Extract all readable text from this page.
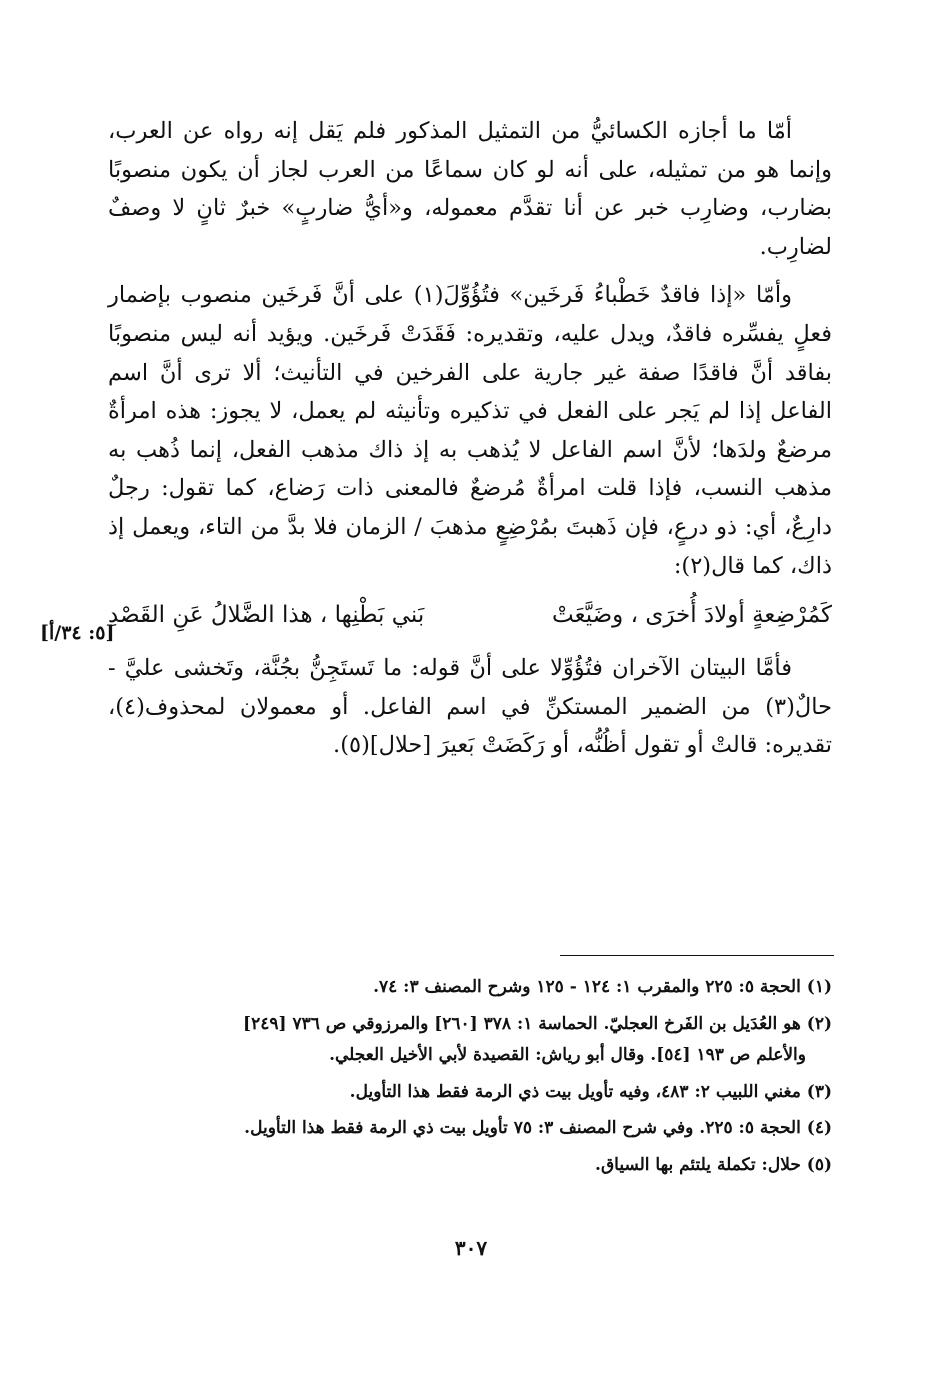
[٥: ٣٤/أ]

أمّا ما أجازه الكسائيُّ من التمثيل المذكور فلم يَقل إنه رواه عن العرب، وإنما هو من تمثيله، على أنه لو كان سماعًا من العرب لجاز أن يكون منصوبًا بضارب، وضارِب خبر عن أنا تقدَّم معموله، و«أيُّ ضاربٍ» خبرٌ ثانٍ لا وصفٌ لضارِب.

وأمّا «إذا فاقدٌ خَطْباءُ فَرخَين» فتُؤُوِّلَ(١) على أنَّ فَرخَين منصوب بإضمار فعلٍ يفسِّره فاقدٌ، ويدل عليه، وتقديره: فَقَدَتْ فَرخَين. ويؤيد أنه ليس منصوبًا بفاقد أنَّ فاقدًا صفة غير جارية على الفرخين في التأنيث؛ ألا ترى أنَّ اسم الفاعل إذا لم يَجر على الفعل في تذكيره وتأنيثه لم يعمل، لا يجوز: هذه امرأةٌ مرضعٌ ولدَها؛ لأنَّ اسم الفاعل لا يُذهب به إذ ذاك مذهب الفعل، إنما ذُهب به مذهب النسب، فإذا قلت امرأةٌ مُرضعٌ فالمعنى ذات رَضاع، كما تقول: رجلٌ دارِعٌ، أي: ذو درعٍ، فإن ذَهبتَ بمُرْضِعٍ مذهبَ / الزمان فلا بدَّ من التاء، ويعمل إذ ذاك، كما قال(٢):

كَمُرْضِعةٍ أولادَ أُخرَى ، وضَيَّعَتْ
بَني بَطْنِها ، هذا الضَّلالُ عَنِ القَصْدِ

فأمَّا البيتان الآخران فتُؤُوِّلا على أنَّ قوله: ما تَستَجِنُّ بجُنَّة، وتَخشى عليَّ - حالٌ(٣) من الضمير المستكنِّ في اسم الفاعل. أو معمولان لمحذوف(٤)، تقديره: قالتْ أو تقول أظُنُّه، أو رَكَضَتْ بَعيرَ [حلال](٥).

(١) الحجة ٥: ٢٢٥ والمقرب ١: ١٢٤ - ١٢٥ وشرح المصنف ٣: ٧٤.
(٢) هو العُدَيل بن الفَرخ العجليّ. الحماسة ١: ٣٧٨ [٢٦٠] والمرزوقي ص ٧٣٦ [٢٤٩]
والأعلم ص ١٩٣ [٥٤]. وقال أبو رياش: القصيدة لأبي الأخيل العجلي.
(٣) مغني اللبيب ٢: ٤٨٣، وفيه تأويل بيت ذي الرمة فقط هذا التأويل.
(٤) الحجة ٥: ٢٢٥. وفي شرح المصنف ٣: ٧٥ تأويل بيت ذي الرمة فقط هذا التأويل.
(٥) حلال: تكملة يلتئم بها السياق.
٣٠٧
